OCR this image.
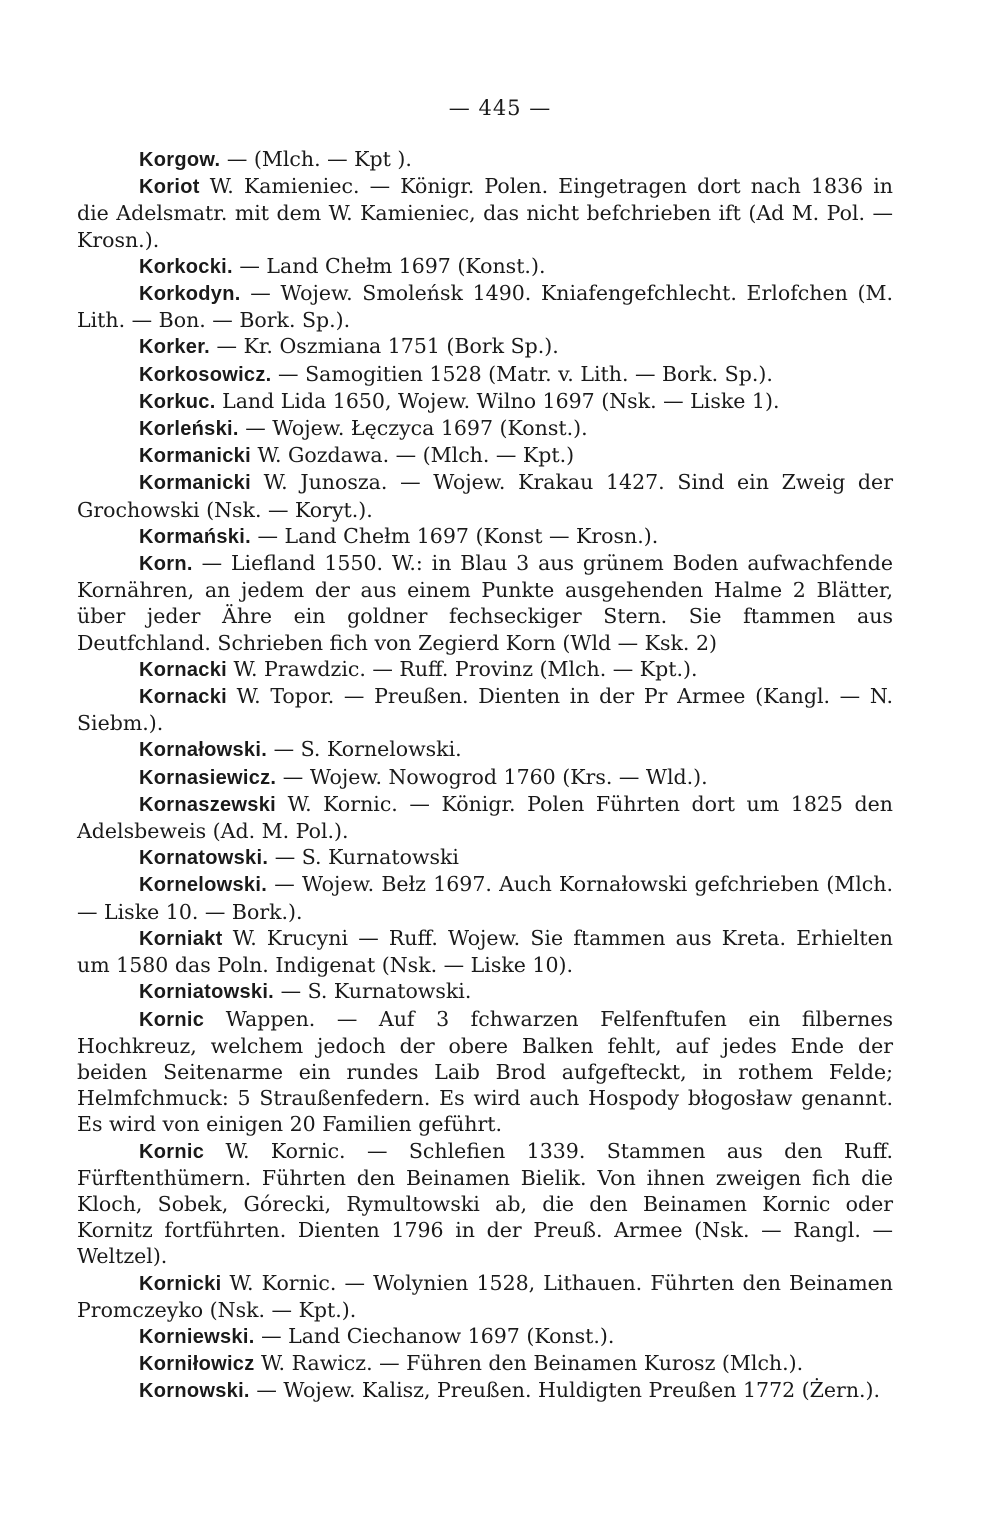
— 445 —

Korgow. — (Mlch. — Kpt ).

Koriot W. Kamieniec. — Königr. Polen. Eingetragen dort nach 1836 in die Adelsmatr. mit dem W. Kamieniec, das nicht befchrieben ift (Ad M. Pol. — Krosn.).

Korkocki. — Land Chełm 1697 (Konst.).

Korkodyn. — Wojew. Smoleńsk 1490. Kniafengefchlecht. Erlofchen (M. Lith. — Bon. — Bork. Sp.).

Korker. — Kr. Oszmiana 1751 (Bork Sp.).

Korkosowicz. — Samogitien 1528 (Matr. v. Lith. — Bork. Sp.).

Korkuc. Land Lida 1650, Wojew. Wilno 1697 (Nsk. — Liske 1).

Korleński. — Wojew. Łęczyca 1697 (Konst.).

Kormanicki W. Gozdawa. — (Mlch. — Kpt.)

Kormanicki W. Junosza. — Wojew. Krakau 1427. Sind ein Zweig der Grochowski (Nsk. — Koryt.).

Kormański. — Land Chełm 1697 (Konst — Krosn.).

Korn. — Liefland 1550. W.: in Blau 3 aus grünem Boden aufwachfende Kornähren, an jedem der aus einem Punkte ausgehenden Halme 2 Blätter, über jeder Ähre ein goldner fechseckiger Stern. Sie ftammen aus Deutfchland. Schrieben fich von Zegierd Korn (Wld — Ksk. 2)

Kornacki W. Prawdzic. — Ruff. Provinz (Mlch. — Kpt.).

Kornacki W. Topor. — Preußen. Dienten in der Pr Armee (Kangl. — N. Siebm.).

Kornałowski. — S. Kornelowski.

Kornasiewicz. — Wojew. Nowogrod 1760 (Krs. — Wld.).

Kornaszewski W. Kornic. — Königr. Polen Führten dort um 1825 den Adelsbeweis (Ad. M. Pol.).

Kornatowski. — S. Kurnatowski

Kornelowski. — Wojew. Bełz 1697. Auch Kornałowski gefchrieben (Mlch. — Liske 10. — Bork.).

Korniakt W. Krucyni — Ruff. Wojew. Sie ftammen aus Kreta. Erhielten um 1580 das Poln. Indigenat (Nsk. — Liske 10).

Korniatowski. — S. Kurnatowski.

Kornic Wappen. — Auf 3 fchwarzen Felfenftufen ein filbernes Hochkreuz, welchem jedoch der obere Balken fehlt, auf jedes Ende der beiden Seitenarme ein rundes Laib Brod aufgefteckt, in rothem Felde; Helmfchmuck: 5 Straußenfedern. Es wird auch Hospody błogosław genannt. Es wird von einigen 20 Familien geführt.

Kornic W. Kornic. — Schlefien 1339. Stammen aus den Ruff. Fürftenthümern. Führten den Beinamen Bielik. Von ihnen zweigen fich die Kloch, Sobek, Górecki, Rymultowski ab, die den Beinamen Kornic oder Kornitz fortführten. Dienten 1796 in der Preuß. Armee (Nsk. — Rangl. — Weltzel).

Kornicki W. Kornic. — Wolynien 1528, Lithauen. Führten den Beinamen Promczeyko (Nsk. — Kpt.).

Korniewski. — Land Ciechanow 1697 (Konst.).

Korniłowicz W. Rawicz. — Führen den Beinamen Kurosz (Mlch.).

Kornowski. — Wojew. Kalisz, Preußen. Huldigten Preußen 1772 (Żern.).
